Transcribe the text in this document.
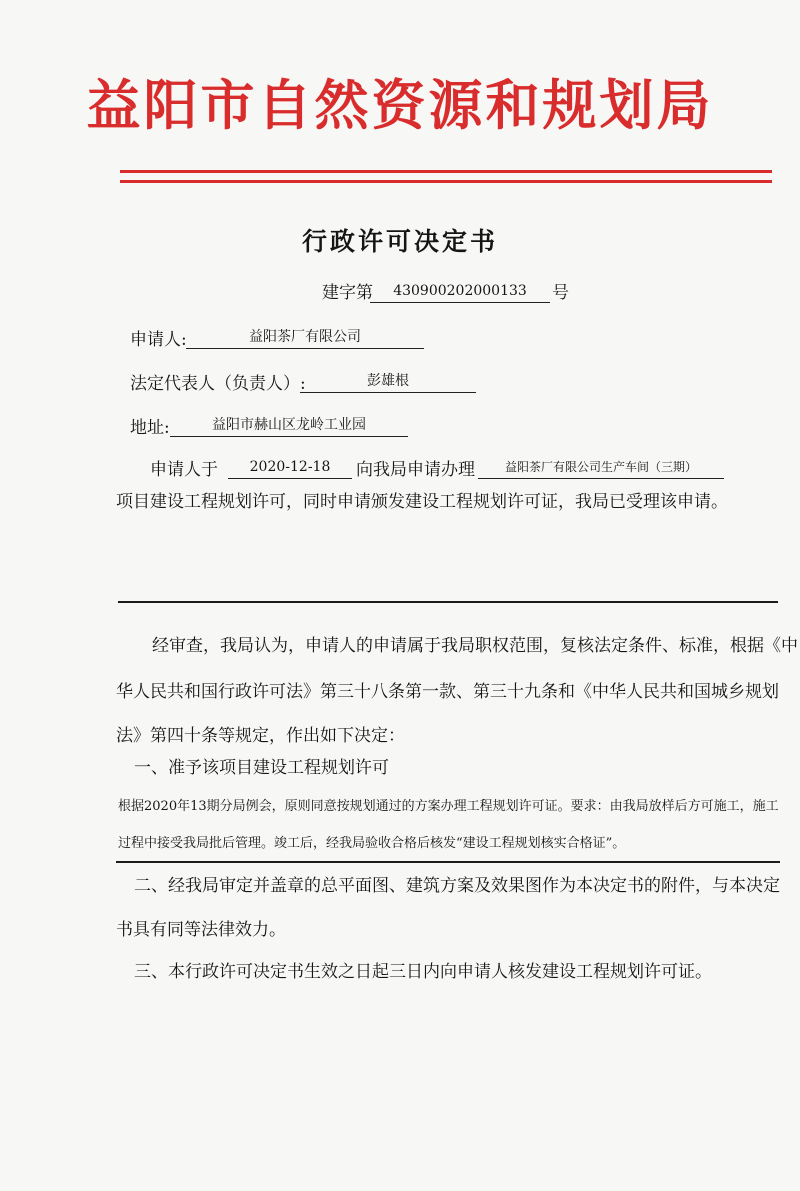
益阳市自然资源和规划局
行政许可决定书
建字第	430900202000133	号
申请人:	益阳茶厂有限公司
法定代表人（负责人）:	彭雄根
地址:	益阳市赫山区龙岭工业园
申请人于	2020-12-18	向我局申请办理	益阳茶厂有限公司生产车间（三期）
项目建设工程规划许可，同时申请颁发建设工程规划许可证，我局已受理该申请。
经审查，我局认为，申请人的申请属于我局职权范围，复核法定条件、标准，根据《中
华人民共和国行政许可法》第三十八条第一款、第三十九条和《中华人民共和国城乡规划
法》第四十条等规定，作出如下决定：
一、准予该项目建设工程规划许可
根据2020年13期分局例会，原则同意按规划通过的方案办理工程规划许可证。要求：由我局放样后方可施工，施工
过程中接受我局批后管理。竣工后，经我局验收合格后核发“建设工程规划核实合格证”。
二、经我局审定并盖章的总平面图、建筑方案及效果图作为本决定书的附件，与本决定
书具有同等法律效力。
三、本行政许可决定书生效之日起三日内向申请人核发建设工程规划许可证。
